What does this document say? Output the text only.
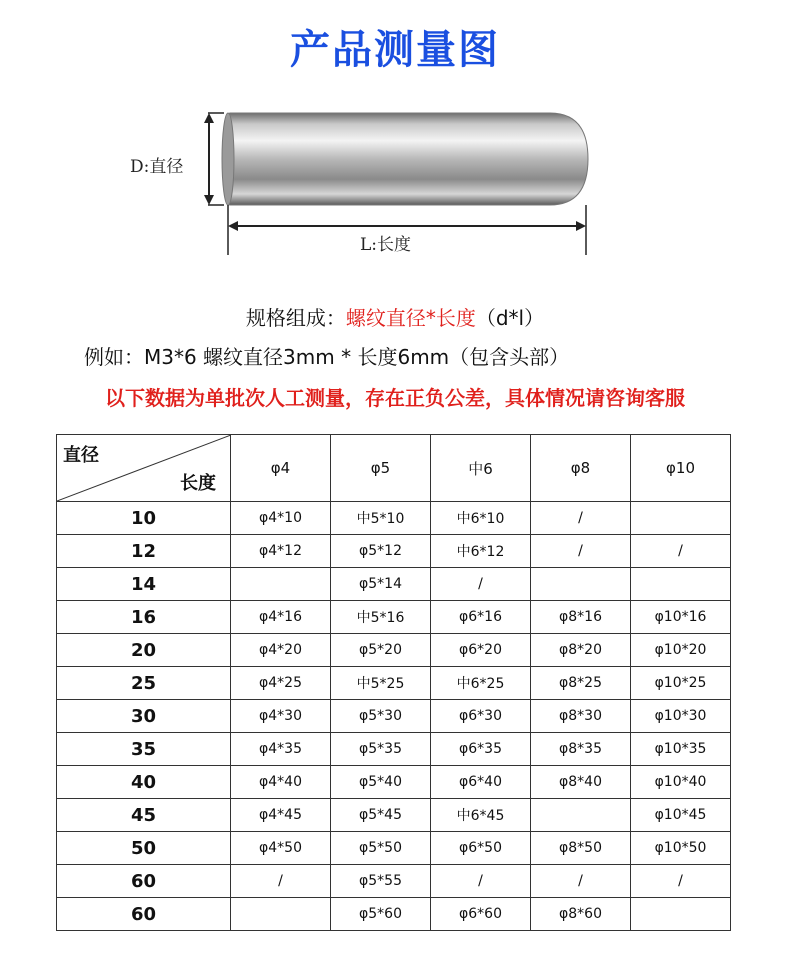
产品测量图
D:直径
L:长度
规格组成：螺纹直径*长度（d*l）
例如：M3*6 螺纹直径3mm * 长度6mm（包含头部）
以下数据为单批次人工测量，存在正负公差，具体情况请咨询客服
直径
长度	φ4	φ5	中6	φ8	φ10
10	φ4*10	中5*10	中6*10	/	
12	φ4*12	φ5*12	中6*12	/	/
14		φ5*14	/		
16	φ4*16	中5*16	φ6*16	φ8*16	φ10*16
20	φ4*20	φ5*20	φ6*20	φ8*20	φ10*20
25	φ4*25	中5*25	中6*25	φ8*25	φ10*25
30	φ4*30	φ5*30	φ6*30	φ8*30	φ10*30
35	φ4*35	φ5*35	φ6*35	φ8*35	φ10*35
40	φ4*40	φ5*40	φ6*40	φ8*40	φ10*40
45	φ4*45	φ5*45	中6*45		φ10*45
50	φ4*50	φ5*50	φ6*50	φ8*50	φ10*50
60	/	φ5*55	/	/	/
60		φ5*60	φ6*60	φ8*60	
